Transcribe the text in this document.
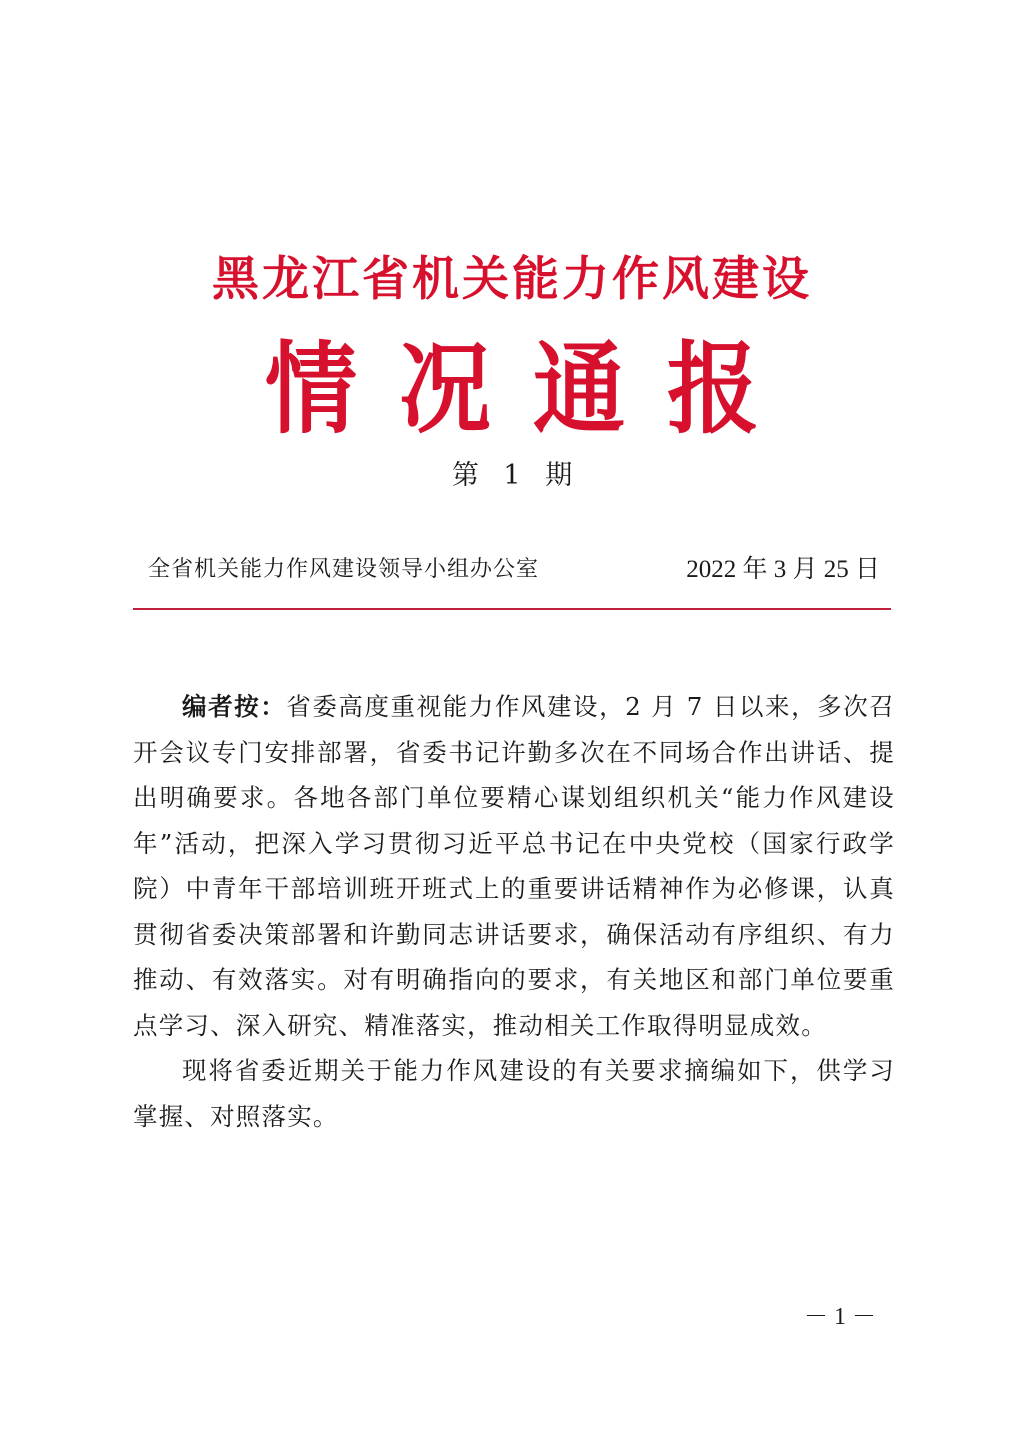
黑龙江省机关能力作风建设
情况通报
第 1 期
全省机关能力作风建设领导小组办公室	2022 年 3 月 25 日

编者按：省委高度重视能力作风建设，2 月 7 日以来，多次召开会议专门安排部署，省委书记许勤多次在不同场合作出讲话、提出明确要求。各地各部门单位要精心谋划组织机关“能力作风建设年”活动，把深入学习贯彻习近平总书记在中央党校（国家行政学院）中青年干部培训班开班式上的重要讲话精神作为必修课，认真贯彻省委决策部署和许勤同志讲话要求，确保活动有序组织、有力推动、有效落实。对有明确指向的要求，有关地区和部门单位要重点学习、深入研究、精准落实，推动相关工作取得明显成效。

现将省委近期关于能力作风建设的有关要求摘编如下，供学习掌握、对照落实。

－ 1 －
